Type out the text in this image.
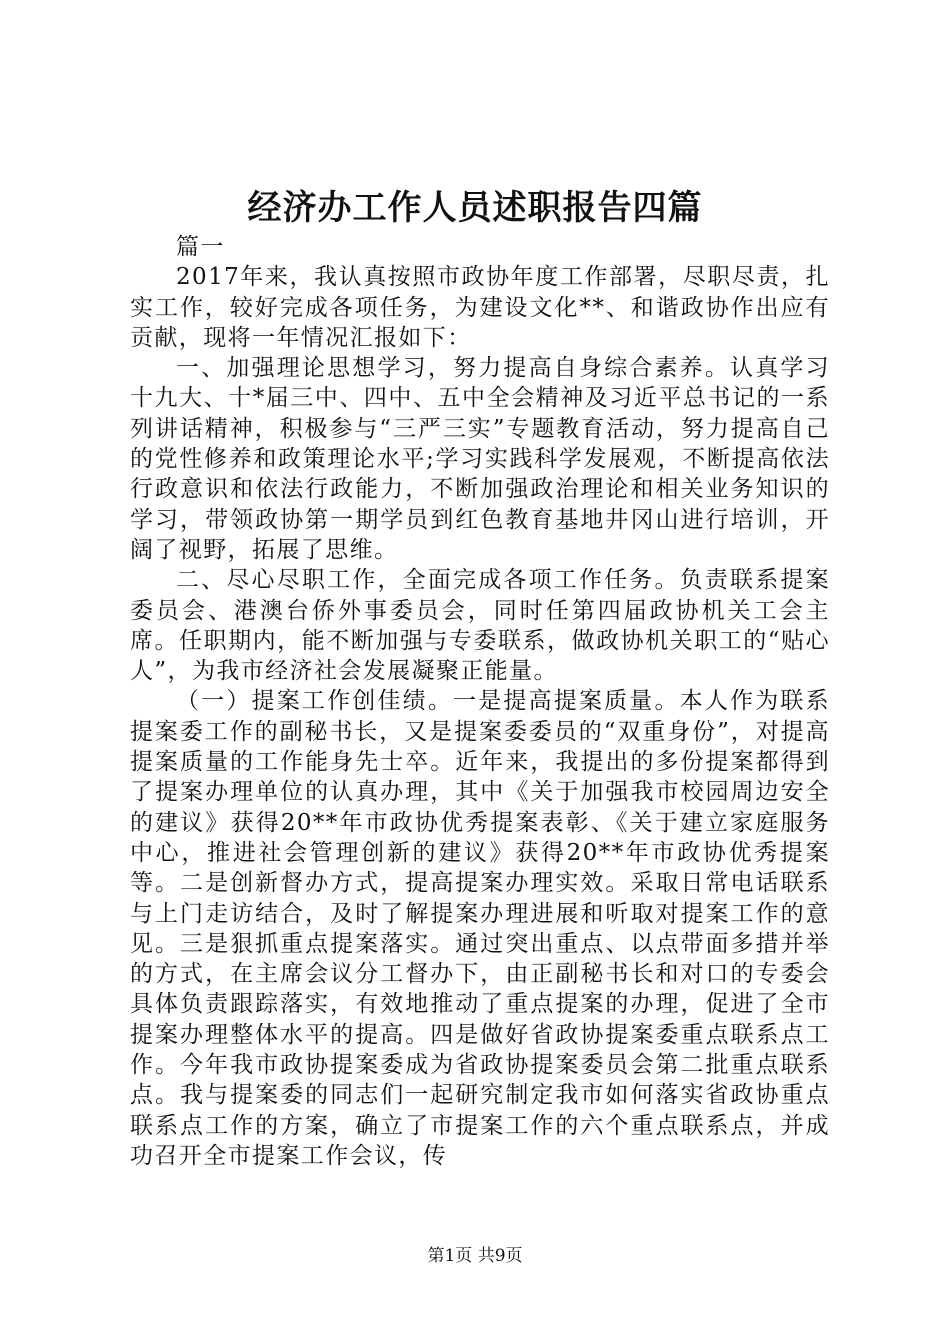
经济办工作人员述职报告四篇

篇一

2017年来，我认真按照市政协年度工作部署，尽职尽责，扎实工作，较好完成各项任务，为建设文化**、和谐政协作出应有贡献，现将一年情况汇报如下：

一、加强理论思想学习，努力提高自身综合素养。认真学习十九大、十*届三中、四中、五中全会精神及习近平总书记的一系列讲话精神，积极参与“三严三实”专题教育活动，努力提高自己的党性修养和政策理论水平;学习实践科学发展观，不断提高依法行政意识和依法行政能力，不断加强政治理论和相关业务知识的学习，带领政协第一期学员到红色教育基地井冈山进行培训，开阔了视野，拓展了思维。

二、尽心尽职工作，全面完成各项工作任务。负责联系提案委员会、港澳台侨外事委员会，同时任第四届政协机关工会主席。任职期内，能不断加强与专委联系，做政协机关职工的“贴心人”，为我市经济社会发展凝聚正能量。

（一）提案工作创佳绩。一是提高提案质量。本人作为联系提案委工作的副秘书长，又是提案委委员的“双重身份”，对提高提案质量的工作能身先士卒。近年来，我提出的多份提案都得到了提案办理单位的认真办理，其中《关于加强我市校园周边安全的建议》获得20**年市政协优秀提案表彰、《关于建立家庭服务中心，推进社会管理创新的建议》获得20**年市政协优秀提案等。二是创新督办方式，提高提案办理实效。采取日常电话联系与上门走访结合，及时了解提案办理进展和听取对提案工作的意见。三是狠抓重点提案落实。通过突出重点、以点带面多措并举的方式，在主席会议分工督办下，由正副秘书长和对口的专委会具体负责跟踪落实，有效地推动了重点提案的办理，促进了全市提案办理整体水平的提高。四是做好省政协提案委重点联系点工作。今年我市政协提案委成为省政协提案委员会第二批重点联系点。我与提案委的同志们一起研究制定我市如何落实省政协重点联系点工作的方案，确立了市提案工作的六个重点联系点，并成功召开全市提案工作会议，传

第1页 共9页
